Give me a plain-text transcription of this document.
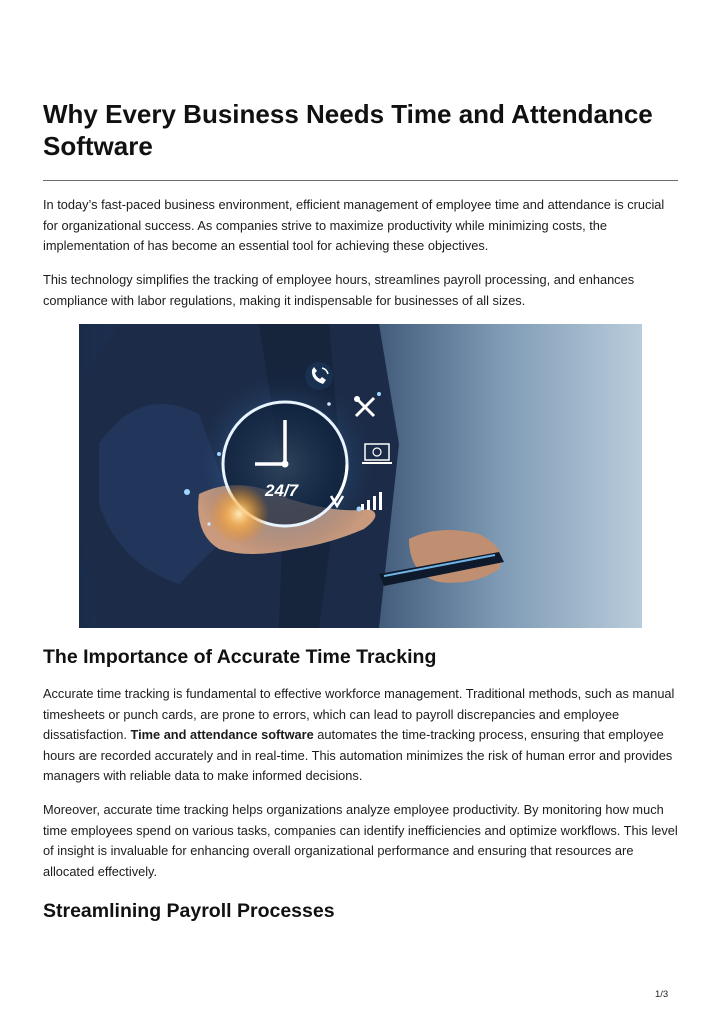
Why Every Business Needs Time and Attendance Software

In today’s fast-paced business environment, efficient management of employee time and attendance is crucial for organizational success. As companies strive to maximize productivity while minimizing costs, the implementation of has become an essential tool for achieving these objectives.

This technology simplifies the tracking of employee hours, streamlines payroll processing, and enhances compliance with labor regulations, making it indispensable for businesses of all sizes.

24/7
The Importance of Accurate Time Tracking

Accurate time tracking is fundamental to effective workforce management. Traditional methods, such as manual timesheets or punch cards, are prone to errors, which can lead to payroll discrepancies and employee dissatisfaction. Time and attendance software automates the time-tracking process, ensuring that employee hours are recorded accurately and in real-time. This automation minimizes the risk of human error and provides managers with reliable data to make informed decisions.

Moreover, accurate time tracking helps organizations analyze employee productivity. By monitoring how much time employees spend on various tasks, companies can identify inefficiencies and optimize workflows. This level of insight is invaluable for enhancing overall organizational performance and ensuring that resources are allocated effectively.

Streamlining Payroll Processes
1/3
